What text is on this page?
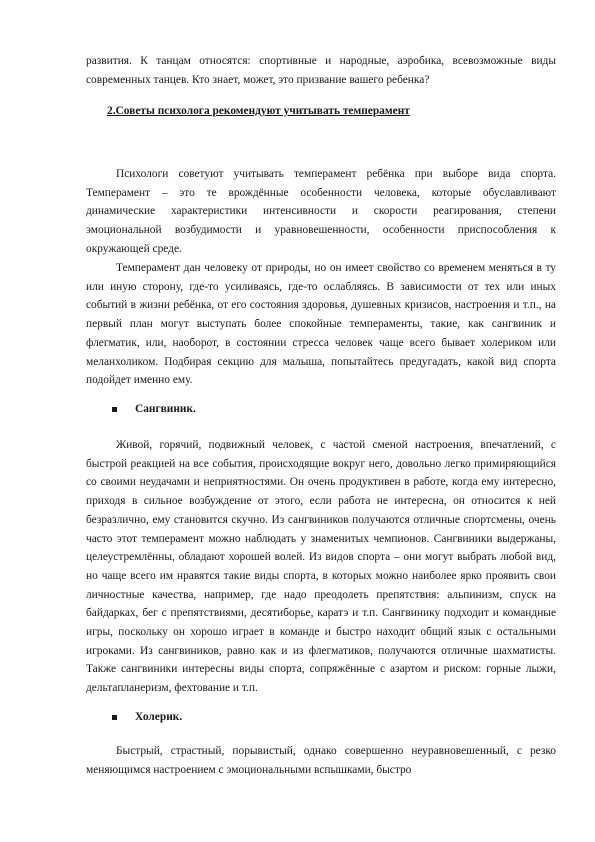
развития. К танцам относятся: спортивные и народные, аэробика, всевозможные виды современных танцев. Кто знает, может, это призвание вашего ребенка?

2.Советы психолога рекомендуют учитывать темперамент

Психологи советуют учитывать темперамент ребёнка при выборе вида спорта. Темперамент – это те врождённые особенности человека, которые обуславливают динамические характеристики интенсивности и скорости реагирования, степени эмоциональной возбудимости и уравновешенности, особенности приспособления к окружающей среде.

Темперамент дан человеку от природы, но он имеет свойство со временем меняться в ту или иную сторону, где-то усиливаясь, где-то ослабляясь. В зависимости от тех или иных событий в жизни ребёнка, от его состояния здоровья, душевных кризисов, настроения и т.п., на первый план могут выступать более спокойные темпераменты, такие, как сангвиник и флегматик, или, наоборот, в состоянии стресса человек чаще всего бывает холериком или меланхоликом. Подбирая секцию для малыша, попытайтесь предугадать, какой вид спорта подойдет именно ему.

Сангвиник.

Живой, горячий, подвижный человек, с частой сменой настроения, впечатлений, с быстрой реакцией на все события, происходящие вокруг него, довольно легко примиряющийся со своими неудачами и неприятностями. Он очень продуктивен в работе, когда ему интересно, приходя в сильное возбуждение от этого, если работа не интересна, он относится к ней безразлично, ему становится скучно. Из сангвиников получаются отличные спортсмены, очень часто этот темперамент можно наблюдать у знаменитых чемпионов. Сангвиники выдержаны, целеустремлённы, обладают хорошей волей. Из видов спорта – они могут выбрать любой вид, но чаще всего им нравятся такие виды спорта, в которых можно наиболее ярко проявить свои личностные качества, например, где надо преодолеть препятствия: альпинизм, спуск на байдарках, бег с препятствиями, десятиборье, каратэ и т.п. Сангвинику подходит и командные игры, поскольку он хорошо играет в команде и быстро находит общий язык с остальными игроками. Из сангвиников, равно как и из флегматиков, получаются отличные шахматисты. Также сангвиники интересны виды спорта, сопряжённые с азартом и риском: горные лыжи, дельтапланеризм, фехтование и т.п.

Холерик.

Быстрый, страстный, порывистый, однако совершенно неуравновешенный, с резко меняющимся настроением с эмоциональными вспышками, быстро
